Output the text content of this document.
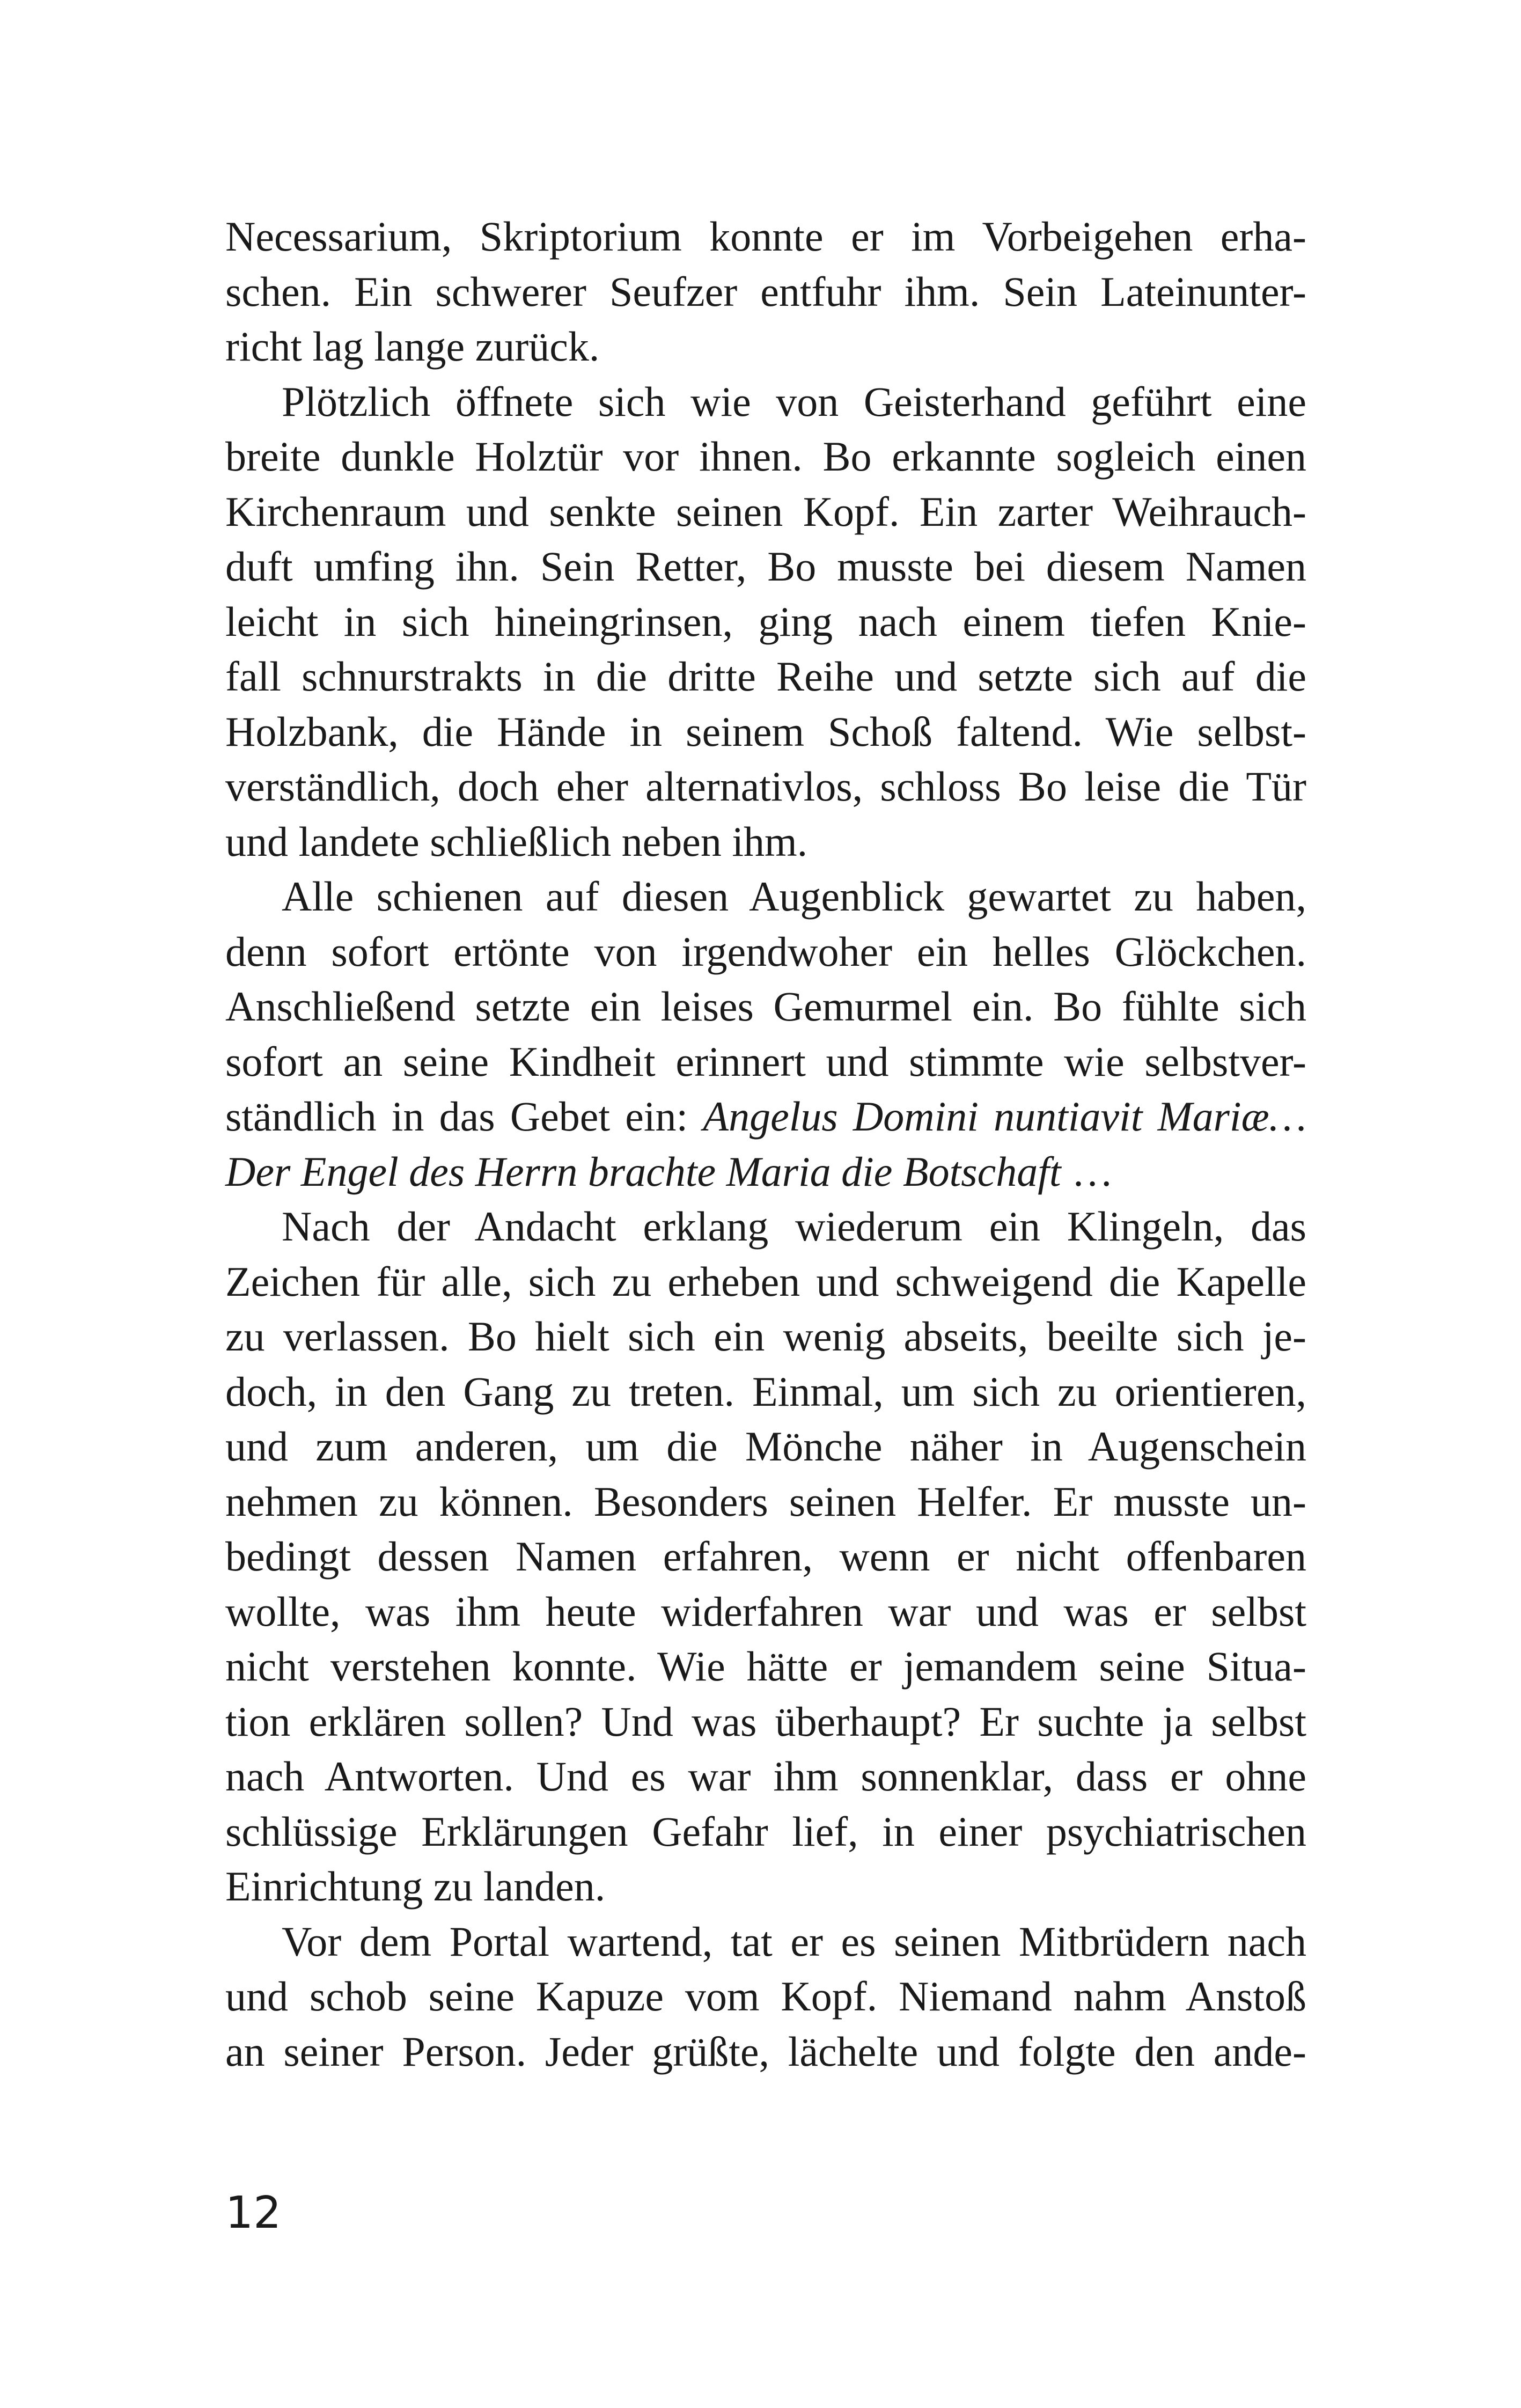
Necessarium, Skriptorium konnte er im Vorbeigehen erha-
schen. Ein schwerer Seufzer entfuhr ihm. Sein Lateinunter-
richt lag lange zurück.
Plötzlich öffnete sich wie von Geisterhand geführt eine
breite dunkle Holztür vor ihnen. Bo erkannte sogleich einen
Kirchenraum und senkte seinen Kopf. Ein zarter Weihrauch-
duft umfing ihn. Sein Retter, Bo musste bei diesem Namen
leicht in sich hineingrinsen, ging nach einem tiefen Knie-
fall schnurstrakts in die dritte Reihe und setzte sich auf die
Holzbank, die Hände in seinem Schoß faltend. Wie selbst-
verständlich, doch eher alternativlos, schloss Bo leise die Tür
und landete schließlich neben ihm.
Alle schienen auf diesen Augenblick gewartet zu haben,
denn sofort ertönte von irgendwoher ein helles Glöckchen.
Anschließend setzte ein leises Gemurmel ein. Bo fühlte sich
sofort an seine Kindheit erinnert und stimmte wie selbstver-
ständlich in das Gebet ein: Angelus Domini nuntiavit Mariæ…
Der Engel des Herrn brachte Maria die Botschaft …
Nach der Andacht erklang wiederum ein Klingeln, das
Zeichen für alle, sich zu erheben und schweigend die Kapelle
zu verlassen. Bo hielt sich ein wenig abseits, beeilte sich je-
doch, in den Gang zu treten. Einmal, um sich zu orientieren,
und zum anderen, um die Mönche näher in Augenschein
nehmen zu können. Besonders seinen Helfer. Er musste un-
bedingt dessen Namen erfahren, wenn er nicht offenbaren
wollte, was ihm heute widerfahren war und was er selbst
nicht verstehen konnte. Wie hätte er jemandem seine Situa-
tion erklären sollen? Und was überhaupt? Er suchte ja selbst
nach Antworten. Und es war ihm sonnenklar, dass er ohne
schlüssige Erklärungen Gefahr lief, in einer psychiatrischen
Einrichtung zu landen.
Vor dem Portal wartend, tat er es seinen Mitbrüdern nach
und schob seine Kapuze vom Kopf. Niemand nahm Anstoß
an seiner Person. Jeder grüßte, lächelte und folgte den ande-
12
